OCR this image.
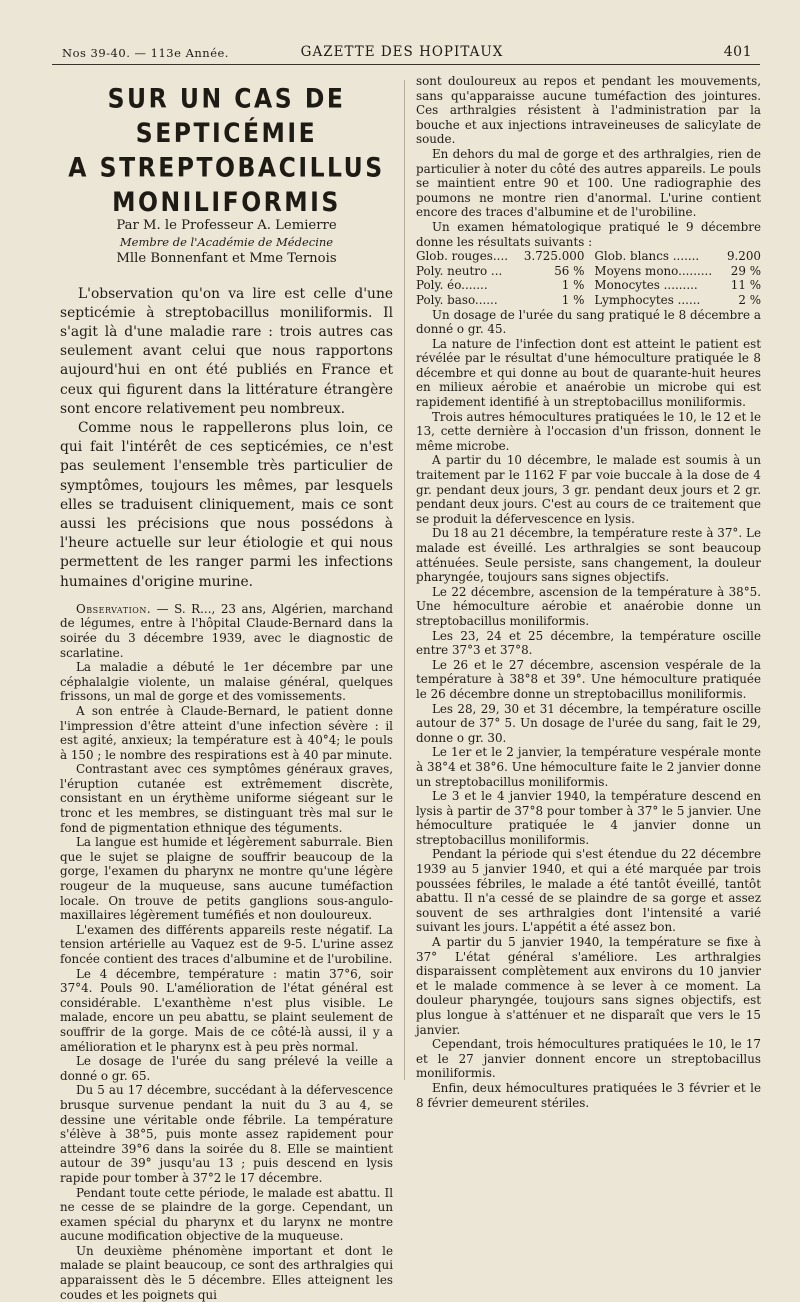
Nos 39-40. — 113e Année.	GAZETTE DES HOPITAUX	401
SUR UN CAS DE SEPTICÉMIE
A STREPTOBACILLUS MONILIFORMIS

Par M. le Professeur A. Lemierre

Membre de l'Académie de Médecine

Mlle Bonnenfant et Mme Ternois

L'observation qu'on va lire est celle d'une septicémie à streptobacillus moniliformis. Il s'agit là d'une maladie rare : trois autres cas seulement avant celui que nous rapportons aujourd'hui en ont été publiés en France et ceux qui figurent dans la littérature étrangère sont encore relativement peu nombreux.

Comme nous le rappellerons plus loin, ce qui fait l'intérêt de ces septicémies, ce n'est pas seulement l'ensemble très particulier de symptômes, toujours les mêmes, par lesquels elles se traduisent cliniquement, mais ce sont aussi les précisions que nous possédons à l'heure actuelle sur leur étiologie et qui nous permettent de les ranger parmi les infections humaines d'origine murine.

Observation. — S. R..., 23 ans, Algérien, marchand de légumes, entre à l'hôpital Claude-Bernard dans la soirée du 3 décembre 1939, avec le diagnostic de scarlatine.

La maladie a débuté le 1er décembre par une céphalalgie violente, un malaise général, quelques frissons, un mal de gorge et des vomissements.

A son entrée à Claude-Bernard, le patient donne l'impression d'être atteint d'une infection sévère : il est agité, anxieux; la température est à 40°4; le pouls à 150 ; le nombre des respirations est à 40 par minute.

Contrastant avec ces symptômes généraux graves, l'éruption cutanée est extrêmement discrète, consistant en un érythème uniforme siégeant sur le tronc et les membres, se distinguant très mal sur le fond de pigmentation ethnique des téguments.

La langue est humide et légèrement saburrale. Bien que le sujet se plaigne de souffrir beaucoup de la gorge, l'examen du pharynx ne montre qu'une légère rougeur de la muqueuse, sans aucune tuméfaction locale. On trouve de petits ganglions sous-angulo-maxillaires légèrement tuméfiés et non douloureux.

L'examen des différents appareils reste négatif. La tension artérielle au Vaquez est de 9-5. L'urine assez foncée contient des traces d'albumine et de l'urobiline.

Le 4 décembre, température : matin 37°6, soir 37°4. Pouls 90. L'amélioration de l'état général est considérable. L'exanthème n'est plus visible. Le malade, encore un peu abattu, se plaint seulement de souffrir de la gorge. Mais de ce côté-là aussi, il y a amélioration et le pharynx est à peu près normal.

Le dosage de l'urée du sang prélevé la veille a donné o gr. 65.

Du 5 au 17 décembre, succédant à la défervescence brusque survenue pendant la nuit du 3 au 4, se dessine une véritable onde fébrile. La température s'élève à 38°5, puis monte assez rapidement pour atteindre 39°6 dans la soirée du 8. Elle se maintient autour de 39° jusqu'au 13 ; puis descend en lysis rapide pour tomber à 37°2 le 17 décembre.

Pendant toute cette période, le malade est abattu. Il ne cesse de se plaindre de la gorge. Cependant, un examen spécial du pharynx et du larynx ne montre aucune modification objective de la muqueuse.

Un deuxième phénomène important et dont le malade se plaint beaucoup, ce sont des arthralgies qui apparaissent dès le 5 décembre. Elles atteignent les coudes et les poignets qui

sont douloureux au repos et pendant les mouvements, sans qu'apparaisse aucune tuméfaction des jointures. Ces arthralgies résistent à l'administration par la bouche et aux injections intraveineuses de salicylate de soude.

En dehors du mal de gorge et des arthralgies, rien de particulier à noter du côté des autres appareils. Le pouls se maintient entre 90 et 100. Une radiographie des poumons ne montre rien d'anormal. L'urine contient encore des traces d'albumine et de l'urobiline.

Un examen hématologique pratiqué le 9 décembre donne les résultats suivants :

Glob. rouges....	3.725.000	Glob. blancs .......	9.200
Poly. neutro ...	56 %	Moyens mono.........	29 %
Poly. éo.......	1 %	Monocytes .........	11 %
Poly. baso......	1 %	Lymphocytes ......	2 %

Un dosage de l'urée du sang pratiqué le 8 décembre a donné o gr. 45.

La nature de l'infection dont est atteint le patient est révélée par le résultat d'une hémoculture pratiquée le 8 décembre et qui donne au bout de quarante-huit heures en milieux aérobie et anaérobie un microbe qui est rapidement identifié à un streptobacillus moniliformis.

Trois autres hémocultures pratiquées le 10, le 12 et le 13, cette dernière à l'occasion d'un frisson, donnent le même microbe.

A partir du 10 décembre, le malade est soumis à un traitement par le 1162 F par voie buccale à la dose de 4 gr. pendant deux jours, 3 gr. pendant deux jours et 2 gr. pendant deux jours. C'est au cours de ce traitement que se produit la défervescence en lysis.

Du 18 au 21 décembre, la température reste à 37°. Le malade est éveillé. Les arthralgies se sont beaucoup atténuées. Seule persiste, sans changement, la douleur pharyngée, toujours sans signes objectifs.

Le 22 décembre, ascension de la température à 38°5. Une hémoculture aérobie et anaérobie donne un streptobacillus moniliformis.

Les 23, 24 et 25 décembre, la température oscille entre 37°3 et 37°8.

Le 26 et le 27 décembre, ascension vespérale de la température à 38°8 et 39°. Une hémoculture pratiquée le 26 décembre donne un streptobacillus moniliformis.

Les 28, 29, 30 et 31 décembre, la température oscille autour de 37° 5. Un dosage de l'urée du sang, fait le 29, donne o gr. 30.

Le 1er et le 2 janvier, la température vespérale monte à 38°4 et 38°6. Une hémoculture faite le 2 janvier donne un streptobacillus moniliformis.

Le 3 et le 4 janvier 1940, la température descend en lysis à partir de 37°8 pour tomber à 37° le 5 janvier. Une hémoculture pratiquée le 4 janvier donne un streptobacillus moniliformis.

Pendant la période qui s'est étendue du 22 décembre 1939 au 5 janvier 1940, et qui a été marquée par trois poussées fébriles, le malade a été tantôt éveillé, tantôt abattu. Il n'a cessé de se plaindre de sa gorge et assez souvent de ses arthralgies dont l'intensité a varié suivant les jours. L'appétit a été assez bon.

A partir du 5 janvier 1940, la température se fixe à 37° L'état général s'améliore. Les arthralgies disparaissent complètement aux environs du 10 janvier et le malade commence à se lever à ce moment. La douleur pharyngée, toujours sans signes objectifs, est plus longue à s'atténuer et ne disparaît que vers le 15 janvier.

Cependant, trois hémocultures pratiquées le 10, le 17 et le 27 janvier donnent encore un streptobacillus moniliformis.

Enfin, deux hémocultures pratiquées le 3 février et le 8 février demeurent stériles.
